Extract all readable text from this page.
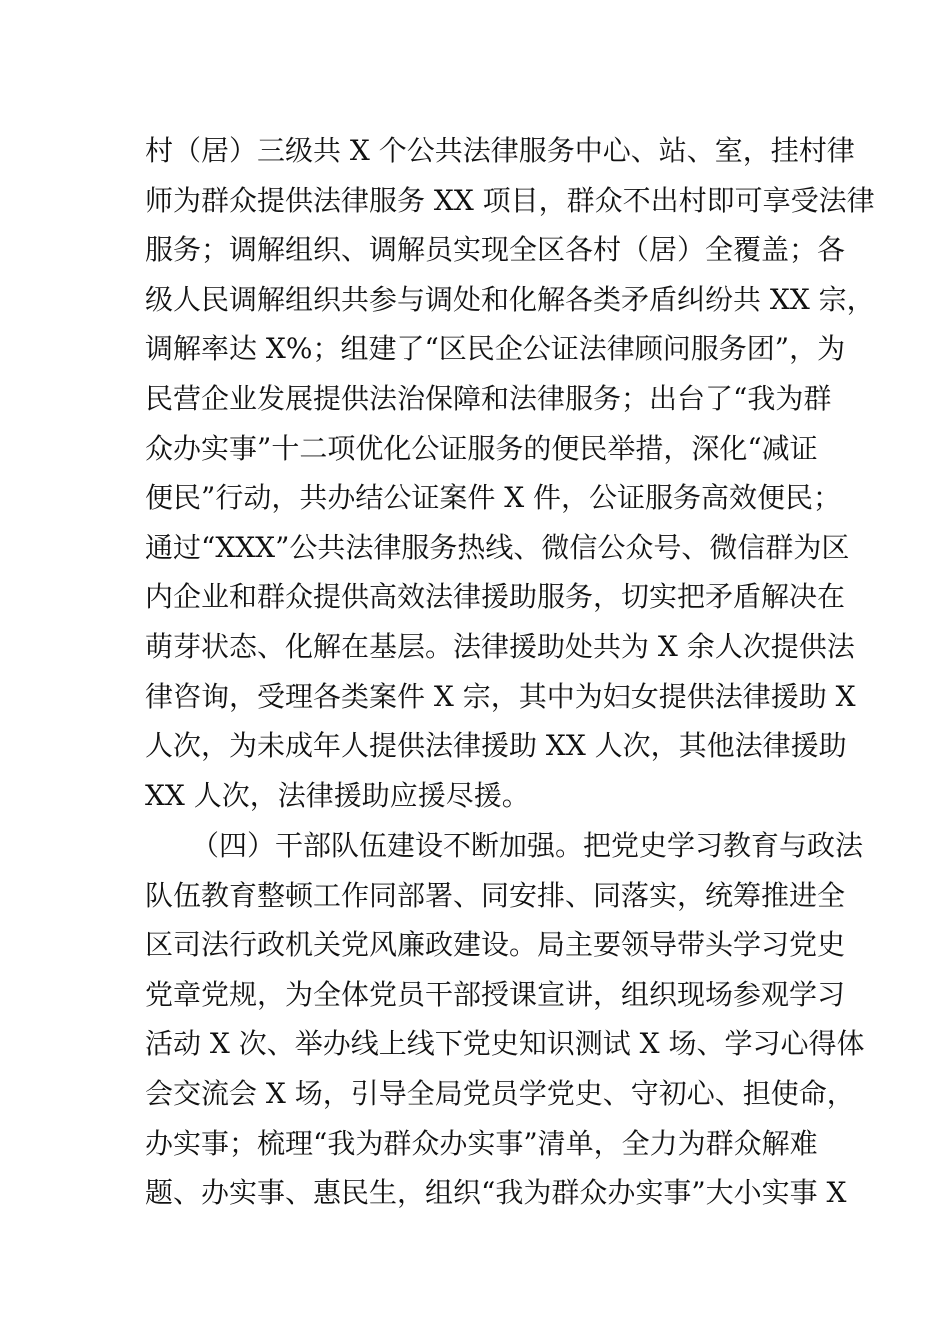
村（居）三级共 X 个公共法律服务中心、站、室，挂村律
师为群众提供法律服务 XX 项目，群众不出村即可享受法律
服务；调解组织、调解员实现全区各村（居）全覆盖；各
级人民调解组织共参与调处和化解各类矛盾纠纷共 XX 宗，
调解率达 X%；组建了“区民企公证法律顾问服务团”，为
民营企业发展提供法治保障和法律服务；出台了“我为群
众办实事”十二项优化公证服务的便民举措，深化“减证
便民”行动，共办结公证案件 X 件，公证服务高效便民；
通过“XXX”公共法律服务热线、微信公众号、微信群为区
内企业和群众提供高效法律援助服务，切实把矛盾解决在
萌芽状态、化解在基层。法律援助处共为 X 余人次提供法
律咨询，受理各类案件 X 宗，其中为妇女提供法律援助 X
人次，为未成年人提供法律援助 XX 人次，其他法律援助
XX 人次，法律援助应援尽援。
（四）干部队伍建设不断加强。把党史学习教育与政法
队伍教育整顿工作同部署、同安排、同落实，统筹推进全
区司法行政机关党风廉政建设。局主要领导带头学习党史
党章党规，为全体党员干部授课宣讲，组织现场参观学习
活动 X 次、举办线上线下党史知识测试 X 场、学习心得体
会交流会 X 场，引导全局党员学党史、守初心、担使命，
办实事；梳理“我为群众办实事”清单，全力为群众解难
题、办实事、惠民生，组织“我为群众办实事”大小实事 X
